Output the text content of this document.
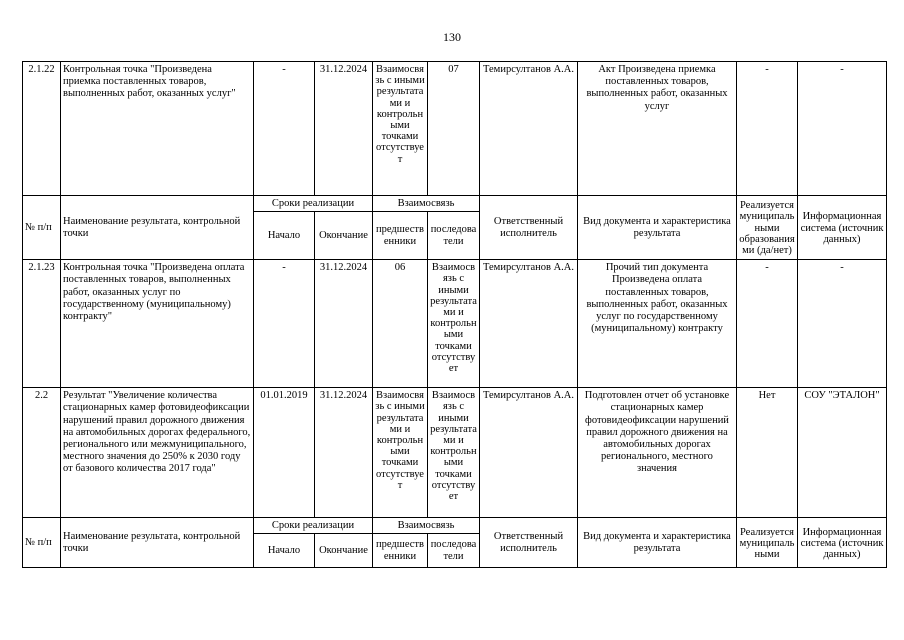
130
2.1.22	Контрольная точка "Произведена приемка поставленных товаров, выполненных работ, оказанных услуг"	-	31.12.2024	Взаимосвязь с иными результатами и контрольными точками отсутствует	07	Темирсултанов А.А.	Акт Произведена приемка поставленных товаров, выполненных работ, оказанных услуг	-	-
№ п/п	Наименование результата, контрольной точки	Сроки реализации		Взаимосвязь		Ответственный исполнитель	Вид документа и характеристика результата	Реализуется муниципальными образованиями (да/нет)	Информационная система (источник данных)
		Начало	Окончание	предшественники	последователи				
2.1.23	Контрольная точка "Произведена оплата поставленных товаров, выполненных работ, оказанных услуг по государственному (муниципальному) контракту"	-	31.12.2024	06	Взаимосвязь с иными результатами и контрольными точками отсутствует	Темирсултанов А.А.	Прочий тип документа Произведена оплата поставленных товаров, выполненных работ, оказанных услуг по государственному (муниципальному) контракту	-	-
2.2	Результат "Увеличение количества стационарных камер фотовидеофиксации нарушений правил дорожного движения на автомобильных дорогах федерального, регионального или межмуниципального, местного значения до 250% к 2030 году от базового количества 2017 года"	01.01.2019	31.12.2024	Взаимосвязь с иными результатами и контрольными точками отсутствует	Взаимосвязь с иными результатами и контрольными точками отсутствует	Темирсултанов А.А.	Подготовлен отчет об установке стационарных камер фотовидеофиксации нарушений правил дорожного движения на автомобильных дорогах регионального, местного значения	Нет	СОУ "ЭТАЛОН"
№ п/п	Наименование результата, контрольной точки	Сроки реализации		Взаимосвязь		Ответственный исполнитель	Вид документа и характеристика результата	Реализуется муниципальными	Информационная система (источник данных)
		Начало	Окончание	предшественники	последователи				
